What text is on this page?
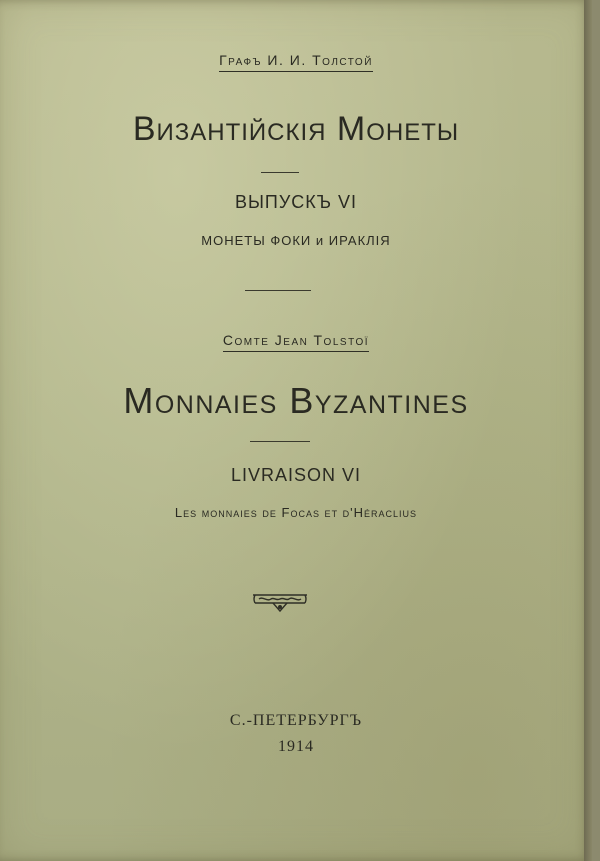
Графъ И. И. Толстой
Византійскія Монеты
ВЫПУСКЪ VI
МОНЕТЫ ФОКИ и ИРАКЛІЯ
Comte Jean Tolstoï
Monnaies Byzantines
LIVRAISON VI
Les monnaies de Focas et d'Héraclius
С.-ПЕТЕРБУРГЪ
1914
